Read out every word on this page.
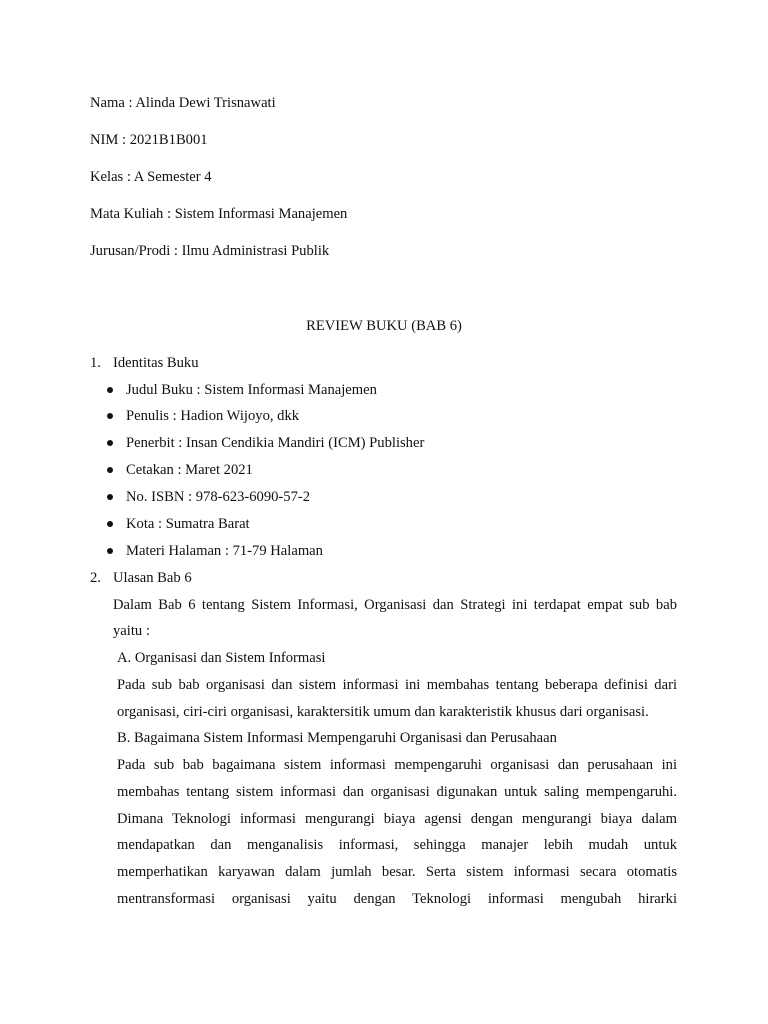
Nama : Alinda Dewi Trisnawati
NIM : 2021B1B001
Kelas : A Semester 4
Mata Kuliah : Sistem Informasi Manajemen
Jurusan/Prodi : Ilmu Administrasi Publik
REVIEW BUKU (BAB 6)
1. Identitas Buku
Judul Buku : Sistem Informasi Manajemen
Penulis : Hadion Wijoyo, dkk
Penerbit : Insan Cendikia Mandiri (ICM) Publisher
Cetakan : Maret 2021
No. ISBN : 978-623-6090-57-2
Kota : Sumatra Barat
Materi Halaman : 71-79 Halaman
2. Ulasan Bab 6
Dalam Bab 6 tentang Sistem Informasi, Organisasi dan Strategi ini terdapat empat sub bab
yaitu :
A. Organisasi dan Sistem Informasi
Pada sub bab organisasi dan sistem informasi ini membahas tentang beberapa definisi dari
organisasi, ciri-ciri organisasi, karaktersitik umum dan karakteristik khusus dari organisasi.
B. Bagaimana Sistem Informasi Mempengaruhi Organisasi dan Perusahaan
Pada sub bab bagaimana sistem informasi mempengaruhi organisasi dan perusahaan ini
membahas tentang sistem informasi dan organisasi digunakan untuk saling mempengaruhi.
Dimana Teknologi informasi mengurangi biaya agensi dengan mengurangi biaya dalam
mendapatkan dan menganalisis informasi, sehingga manajer lebih mudah untuk
memperhatikan karyawan dalam jumlah besar. Serta sistem informasi secara otomatis
mentransformasi organisasi yaitu dengan Teknologi informasi mengubah hirarki
